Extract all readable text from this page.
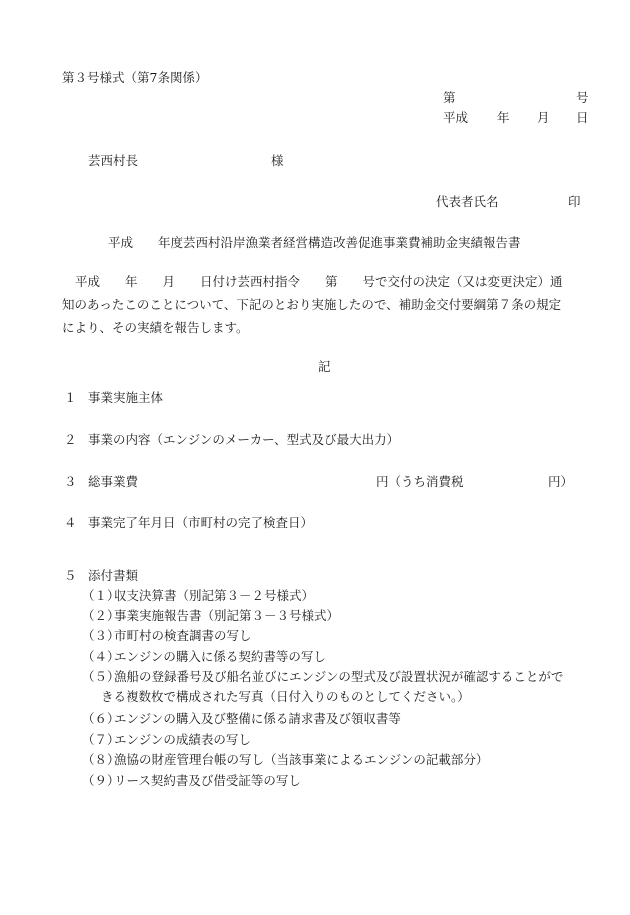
第３号様式（第7条関係）
第	号
平成 年 月 日
芸西村長	様
代表者氏名	印
平成 年度芸西村沿岸漁業者経営構造改善促進事業費補助金実績報告書
平成　　年　　月　　日付け芸西村指令　　第　　号で交付の決定（又は変更決定）通
知のあったこのことについて、下記のとおり実施したので、補助金交付要綱第７条の規定
により、その実績を報告します。
記
１ 事業実施主体
２ 事業の内容（エンジンのメーカー、型式及び最大出力）
３ 総事業費	円（うち消費税	円）
４ 事業完了年月日（市町村の完了検査日）
５ 添付書類
（１）収支決算書（別記第３－２号様式）
（２）事業実施報告書（別記第３－３号様式）
（３）市町村の検査調書の写し
（４）エンジンの購入に係る契約書等の写し
（５）漁船の登録番号及び船名並びにエンジンの型式及び設置状況が確認することがで
きる複数枚で構成された写真（日付入りのものとしてください。）
（６）エンジンの購入及び整備に係る請求書及び領収書等
（７）エンジンの成績表の写し
（８）漁協の財産管理台帳の写し（当該事業によるエンジンの記載部分）
（９）リース契約書及び借受証等の写し
